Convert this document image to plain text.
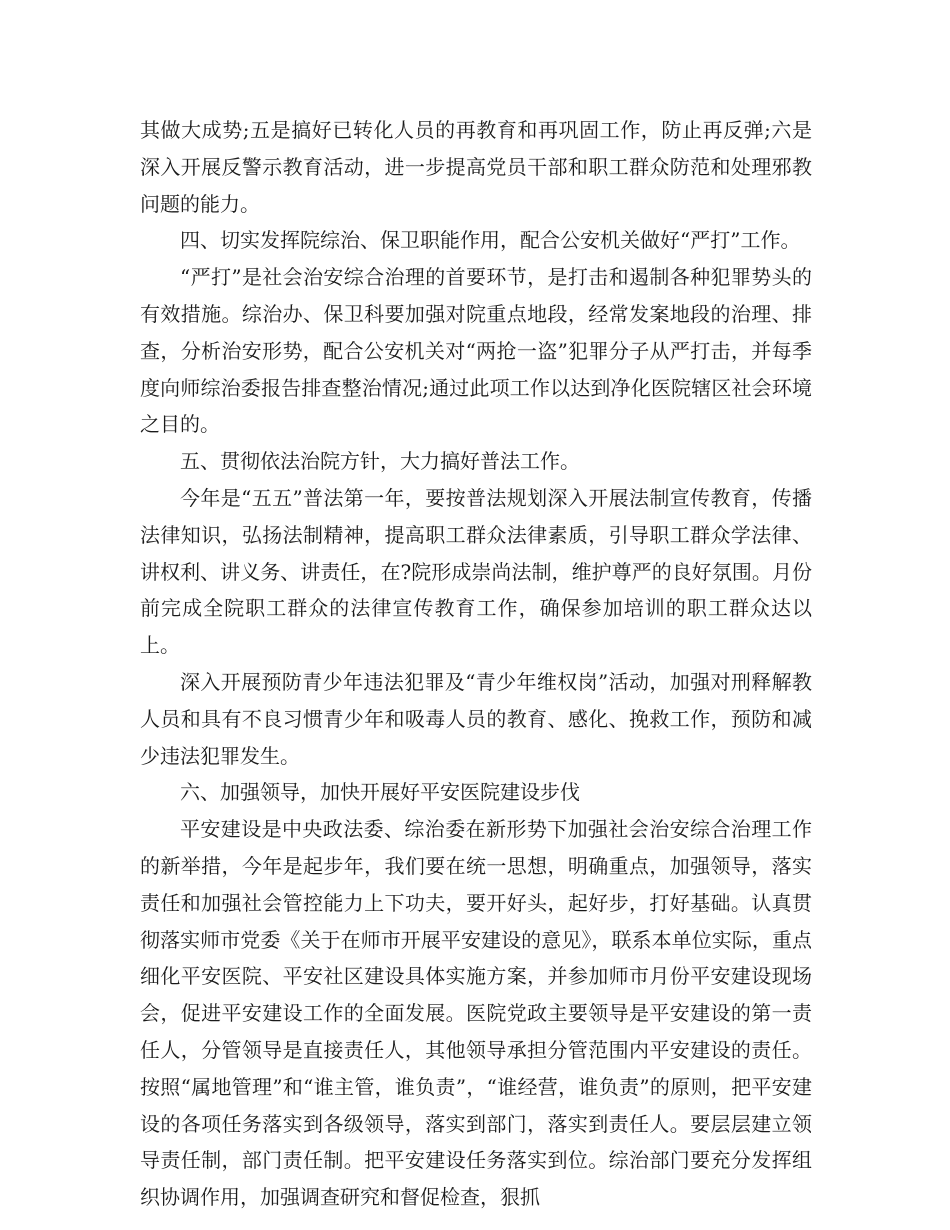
其做大成势;五是搞好已转化人员的再教育和再巩固工作，防止再反弹;六是深入开展反警示教育活动，进一步提高党员干部和职工群众防范和处理邪教问题的能力。

四、切实发挥院综治、保卫职能作用，配合公安机关做好“严打”工作。

“严打”是社会治安综合治理的首要环节，是打击和遏制各种犯罪势头的有效措施。综治办、保卫科要加强对院重点地段，经常发案地段的治理、排查，分析治安形势，配合公安机关对“两抢一盗”犯罪分子从严打击，并每季度向师综治委报告排查整治情况;通过此项工作以达到净化医院辖区社会环境之目的。

五、贯彻依法治院方针，大力搞好普法工作。

今年是“五五”普法第一年，要按普法规划深入开展法制宣传教育，传播法律知识，弘扬法制精神，提高职工群众法律素质，引导职工群众学法律、讲权利、讲义务、讲责任，在?院形成崇尚法制，维护尊严的良好氛围。月份前完成全院职工群众的法律宣传教育工作，确保参加培训的职工群众达以上。

深入开展预防青少年违法犯罪及“青少年维权岗”活动，加强对刑释解教人员和具有不良习惯青少年和吸毒人员的教育、感化、挽救工作，预防和减少违法犯罪发生。

六、加强领导，加快开展好平安医院建设步伐

平安建设是中央政法委、综治委在新形势下加强社会治安综合治理工作的新举措，今年是起步年，我们要在统一思想，明确重点，加强领导，落实责任和加强社会管控能力上下功夫，要开好头，起好步，打好基础。认真贯彻落实师市党委《关于在师市开展平安建设的意见》，联系本单位实际，重点细化平安医院、平安社区建设具体实施方案，并参加师市月份平安建设现场会，促进平安建设工作的全面发展。医院党政主要领导是平安建设的第一责任人，分管领导是直接责任人，其他领导承担分管范围内平安建设的责任。按照“属地管理”和“谁主管，谁负责”，“谁经营，谁负责”的原则，把平安建设的各项任务落实到各级领导，落实到部门，落实到责任人。要层层建立领导责任制，部门责任制。把平安建设任务落实到位。综治部门要充分发挥组织协调作用，加强调查研究和督促检查，狠抓
